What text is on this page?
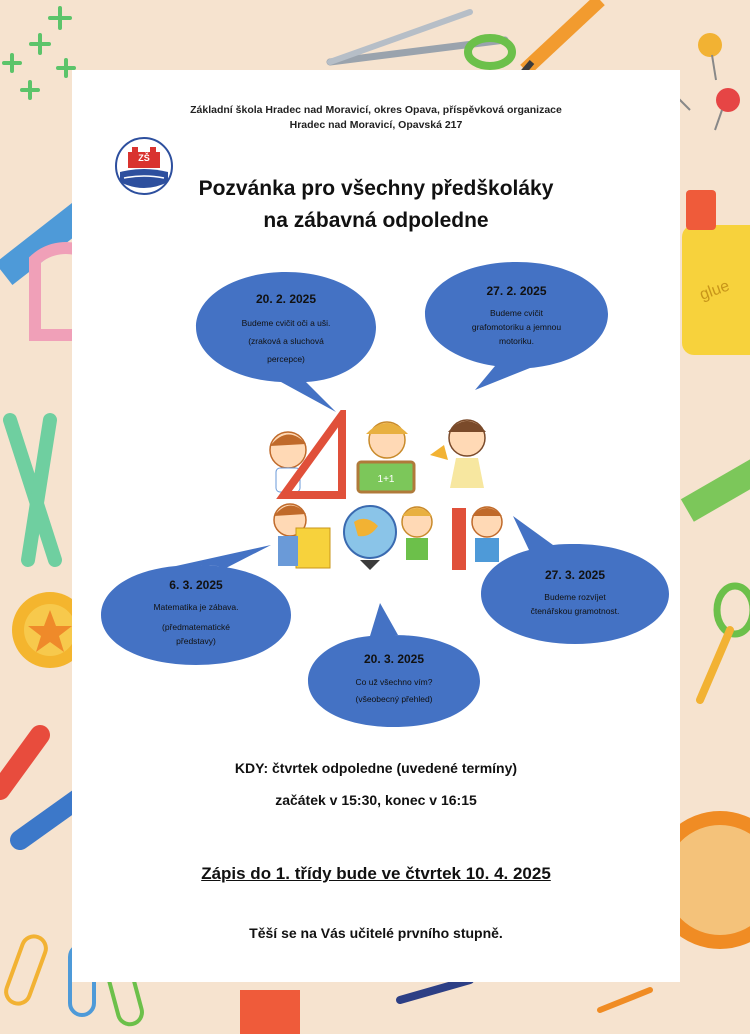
glue
Základní škola Hradec nad Moravicí, okres Opava, příspěvková organizace
Hradec nad Moravicí, Opavská 217
ZŠ
Pozvánka pro všechny předškoláky
na zábavná odpoledne
20. 2. 2025
Budeme cvičit oči a uši.
(zraková a sluchová
percepce)
27. 2. 2025
Budeme cvičit
grafomotoriku a jemnou
motoriku.
6. 3. 2025
Matematika je zábava.
(předmatematické
představy)
20. 3. 2025
Co už všechno vím?
(všeobecný přehled)
27. 3. 2025
Budeme rozvíjet
čtenářskou gramotnost.
1+1
KDY: čtvrtek odpoledne (uvedené termíny)
začátek v 15:30, konec v 16:15
Zápis do 1. třídy bude ve čtvrtek 10. 4. 2025
Těší se na Vás učitelé prvního stupně.
